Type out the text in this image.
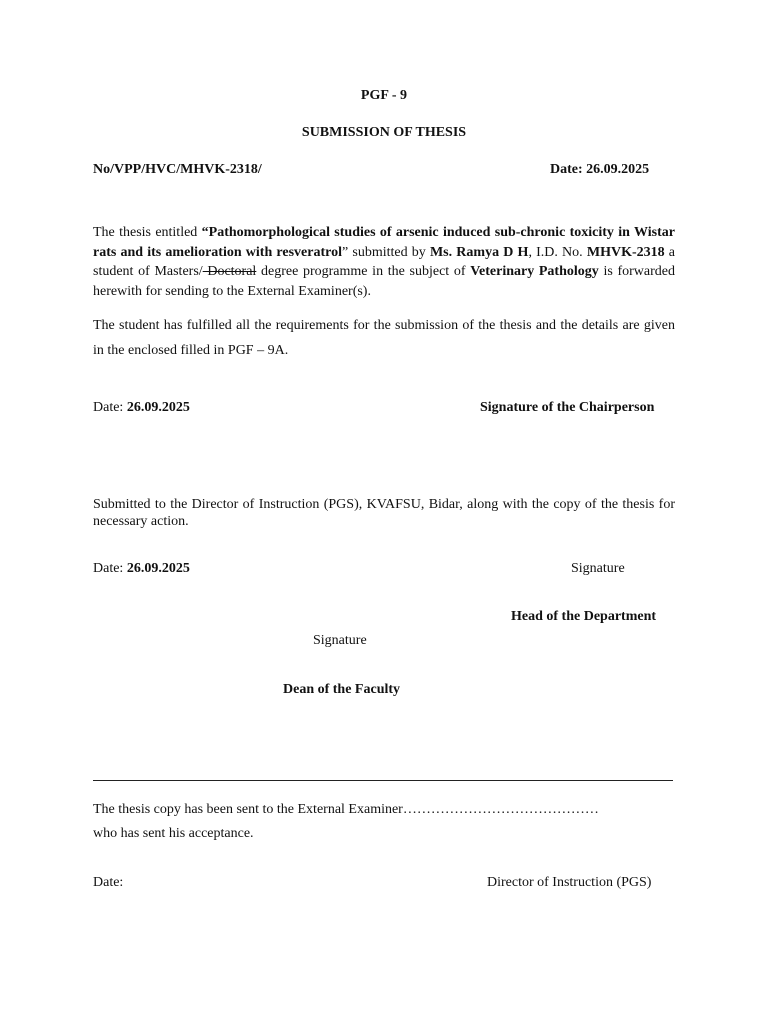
PGF - 9
SUBMISSION OF THESIS
No/VPP/HVC/MHVK-2318/	Date: 26.09.2025
The thesis entitled “Pathomorphological studies of arsenic induced sub-chronic toxicity in Wistar rats and its amelioration with resveratrol” submitted by Ms. Ramya D H, I.D. No. MHVK-2318 a student of Masters/ Doctoral degree programme in the subject of Veterinary Pathology is forwarded herewith for sending to the External Examiner(s).
The student has fulfilled all the requirements for the submission of the thesis and the details are given in the enclosed filled in PGF – 9A.
Date: 26.09.2025	Signature of the Chairperson
Submitted to the Director of Instruction (PGS), KVAFSU, Bidar, along with the copy of the thesis for necessary action.
Date: 26.09.2025	Signature
Head of the Department
Signature
Dean of the Faculty
The thesis copy has been sent to the External Examiner……………………………………
who has sent his acceptance.
Date:	Director of Instruction (PGS)
